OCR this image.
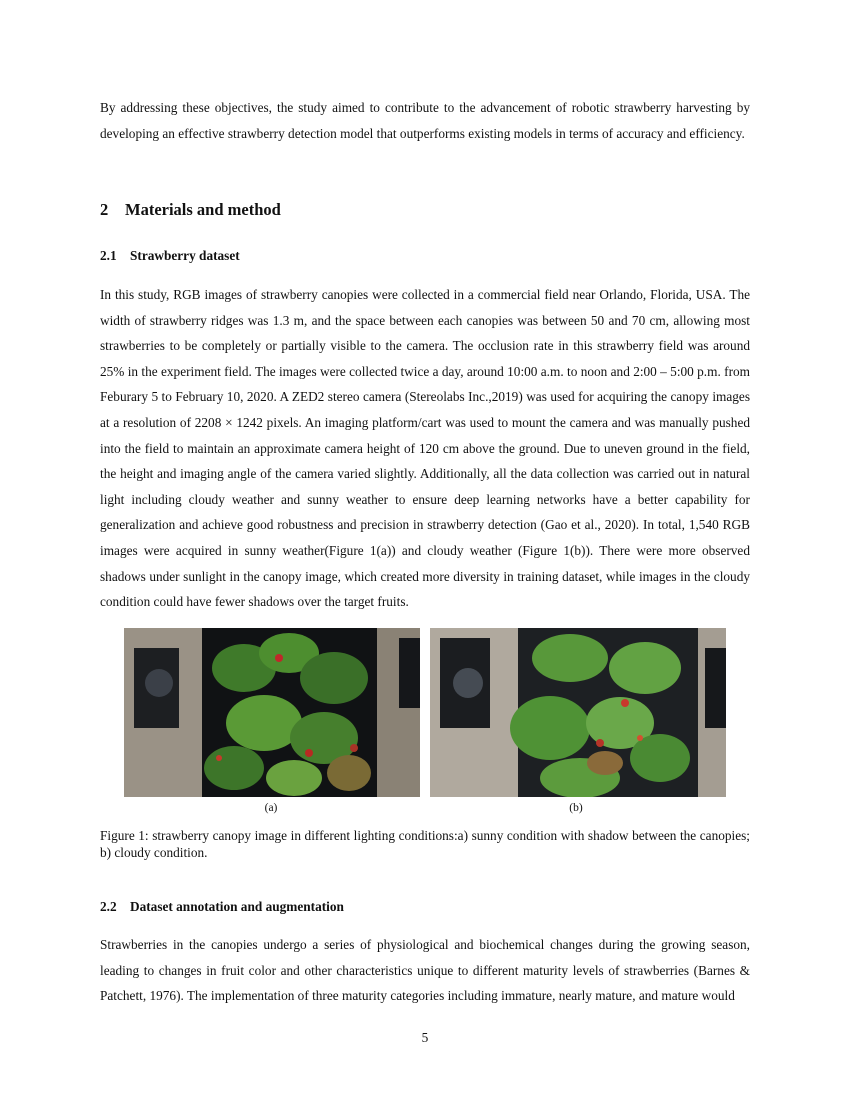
By addressing these objectives, the study aimed to contribute to the advancement of robotic strawberry harvesting by developing an effective strawberry detection model that outperforms existing models in terms of accuracy and efficiency.

2 Materials and method
2.1 Strawberry dataset

In this study, RGB images of strawberry canopies were collected in a commercial field near Orlando, Florida, USA. The width of strawberry ridges was 1.3 m, and the space between each canopies was between 50 and 70 cm, allowing most strawberries to be completely or partially visible to the camera. The occlusion rate in this strawberry field was around 25% in the experiment field. The images were collected twice a day, around 10:00 a.m. to noon and 2:00 – 5:00 p.m. from Feburary 5 to February 10, 2020. A ZED2 stereo camera (Stereolabs Inc.,2019) was used for acquiring the canopy images at a resolution of 2208 × 1242 pixels. An imaging platform/cart was used to mount the camera and was manually pushed into the field to maintain an approximate camera height of 120 cm above the ground. Due to uneven ground in the field, the height and imaging angle of the camera varied slightly. Additionally, all the data collection was carried out in natural light including cloudy weather and sunny weather to ensure deep learning networks have a better capability for generalization and achieve good robustness and precision in strawberry detection (Gao et al., 2020). In total, 1,540 RGB images were acquired in sunny weather(Figure 1(a)) and cloudy weather (Figure 1(b)). There were more observed shadows under sunlight in the canopy image, which created more diversity in training dataset, while images in the cloudy condition could have fewer shadows over the target fruits.

(a)	(b)

Figure 1: strawberry canopy image in different lighting conditions:a) sunny condition with shadow between the canopies; b) cloudy condition.

2.2 Dataset annotation and augmentation

Strawberries in the canopies undergo a series of physiological and biochemical changes during the growing season, leading to changes in fruit color and other characteristics unique to different maturity levels of strawberries (Barnes & Patchett, 1976). The implementation of three maturity categories including immature, nearly mature, and mature would

5
